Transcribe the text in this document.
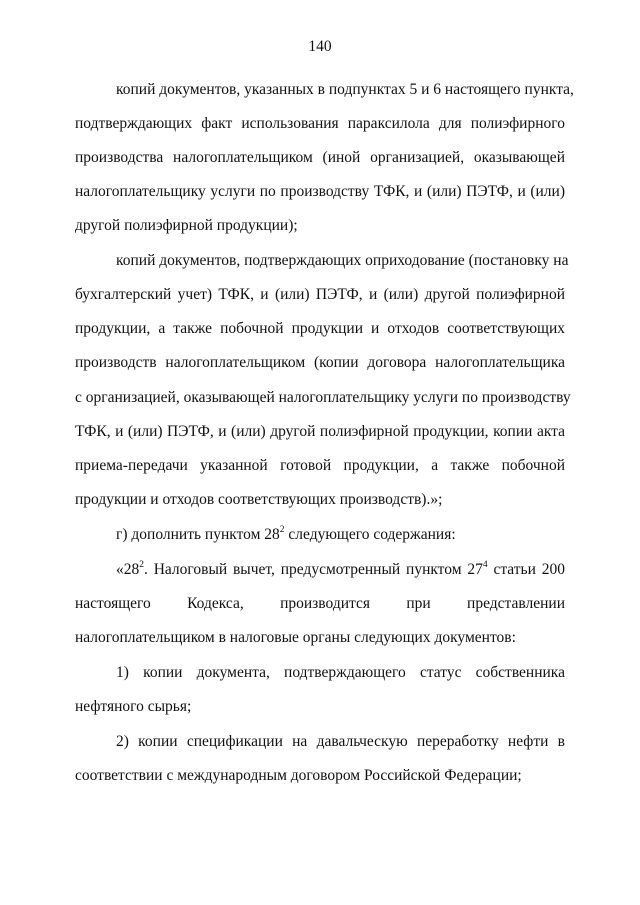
140
копий документов, указанных в подпунктах 5 и 6 настоящего пункта,
подтверждающих факт использования параксилола для полиэфирного
производства налогоплательщиком (иной организацией, оказывающей
налогоплательщику услуги по производству ТФК, и (или) ПЭТФ, и (или)
другой полиэфирной продукции);
копий документов, подтверждающих оприходование (постановку на
бухгалтерский учет) ТФК, и (или) ПЭТФ, и (или) другой полиэфирной
продукции, а также побочной продукции и отходов соответствующих
производств налогоплательщиком (копии договора налогоплательщика
с организацией, оказывающей налогоплательщику услуги по производству
ТФК, и (или) ПЭТФ, и (или) другой полиэфирной продукции, копии акта
приема-передачи указанной готовой продукции, а также побочной
продукции и отходов соответствующих производств).»;
г) дополнить пунктом $28^2$ следующего содержания:
«$28^2$. Налоговый вычет, предусмотренный пунктом $27^4$ статьи 200
настоящего Кодекса, производится при представлении
налогоплательщиком в налоговые органы следующих документов:
1) копии документа, подтверждающего статус собственника
нефтяного сырья;
2) копии спецификации на давальческую переработку нефти в
соответствии с международным договором Российской Федерации;
